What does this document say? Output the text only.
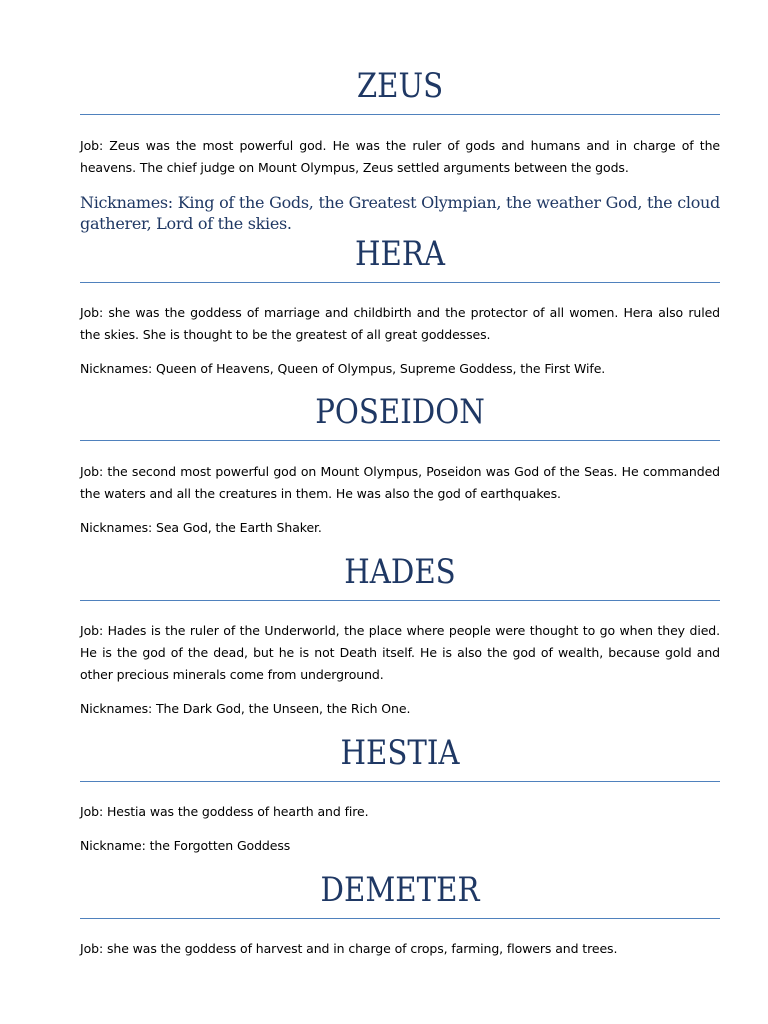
ZEUS
Job: Zeus was the most powerful god. He was the ruler of gods and humans and in charge of the heavens. The chief judge on Mount Olympus, Zeus settled arguments between the gods.
Nicknames: King of the Gods, the Greatest Olympian, the weather God, the cloud gatherer, Lord of the skies.
HERA
Job: she was the goddess of marriage and childbirth and the protector of all women. Hera also ruled the skies. She is thought to be the greatest of all great goddesses.
Nicknames: Queen of Heavens, Queen of Olympus, Supreme Goddess, the First Wife.
POSEIDON
Job: the second most powerful god on Mount Olympus, Poseidon was God of the Seas. He commanded the waters and all the creatures in them. He was also the god of earthquakes.
Nicknames: Sea God, the Earth Shaker.
HADES
Job: Hades is the ruler of the Underworld, the place where people were thought to go when they died. He is the god of the dead, but he is not Death itself. He is also the god of wealth, because gold and other precious minerals come from underground.
Nicknames: The Dark God, the Unseen, the Rich One.
HESTIA
Job: Hestia was the goddess of hearth and fire.
Nickname: the Forgotten Goddess
DEMETER
Job: she was the goddess of harvest and in charge of crops, farming, flowers and trees.
